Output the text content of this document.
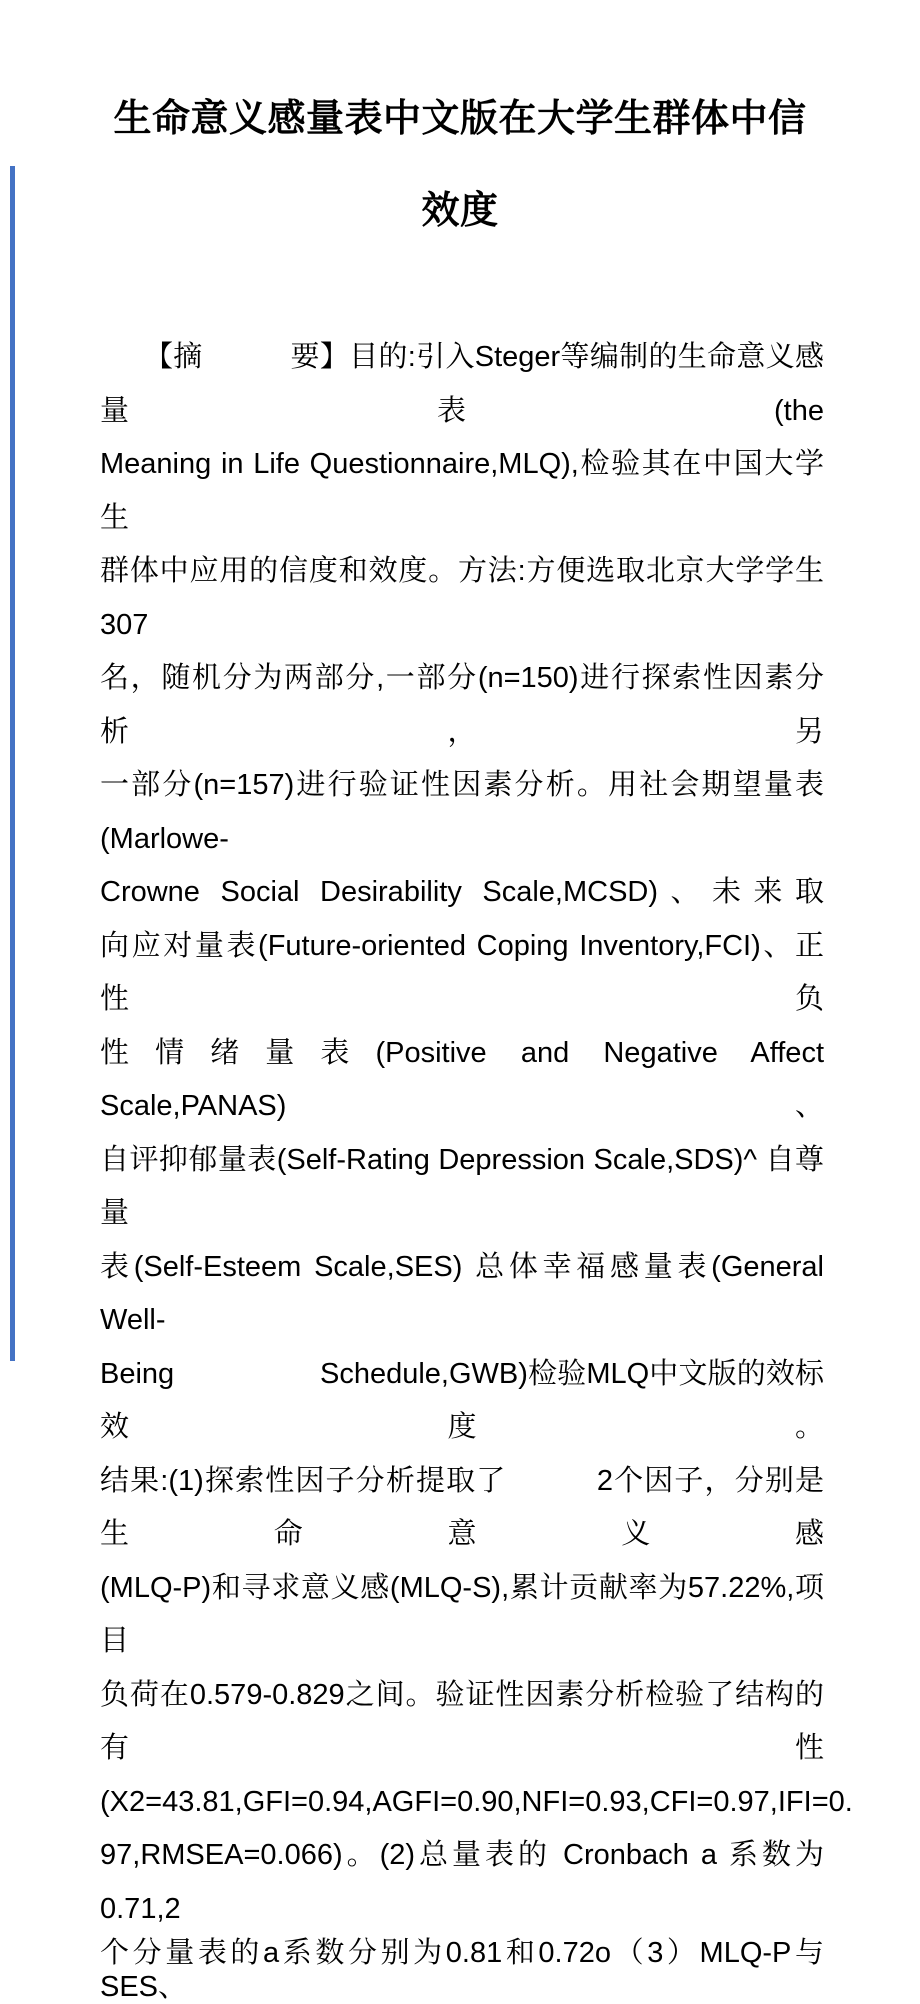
生命意义感量表中文版在大学生群体中信
效度
【摘　　　要】目的:引入Steger等编制的生命意义感量表(the
Meaning in Life Questionnaire,MLQ),检验其在中国大学生
群体中应用的信度和效度。方法:方便选取北京大学学生307
名，随机分为两部分,一部分(n=150)进行探索性因素分析，另
一部分(n=157)进行验证性因素分析。用社会期望量表 (Marlowe-
Crowne Social Desirability Scale,MCSD)、未来取
向应对量表(Future-oriented Coping Inventory,FCI)、正性负
性情绪量表(Positive and Negative Affect Scale,PANAS)、
自评抑郁量表(Self-Rating Depression Scale,SDS)^ 自尊量
表(Self-Esteem Scale,SES) 总体幸福感量表(General Well-
Being　　　　　Schedule,GWB)检验MLQ中文版的效标效度。
结果:(1)探索性因子分析提取了　　　2个因子，分别是生命意义感
(MLQ-P)和寻求意义感(MLQ-S),累计贡献率为57.22%,项目
负荷在0.579-0.829之间。验证性因素分析检验了结构的有 性
(X2=43.81,GFI=0.94,AGFI=0.90,NFI=0.93,CFI=0.97,IFI=0.
97,RMSEA=0.066)。(2)总量表的 Cronbach a 系数为 0.71,2
个分量表的a系数分别为0.81和0.72o（3）MLQ-P与SES、
